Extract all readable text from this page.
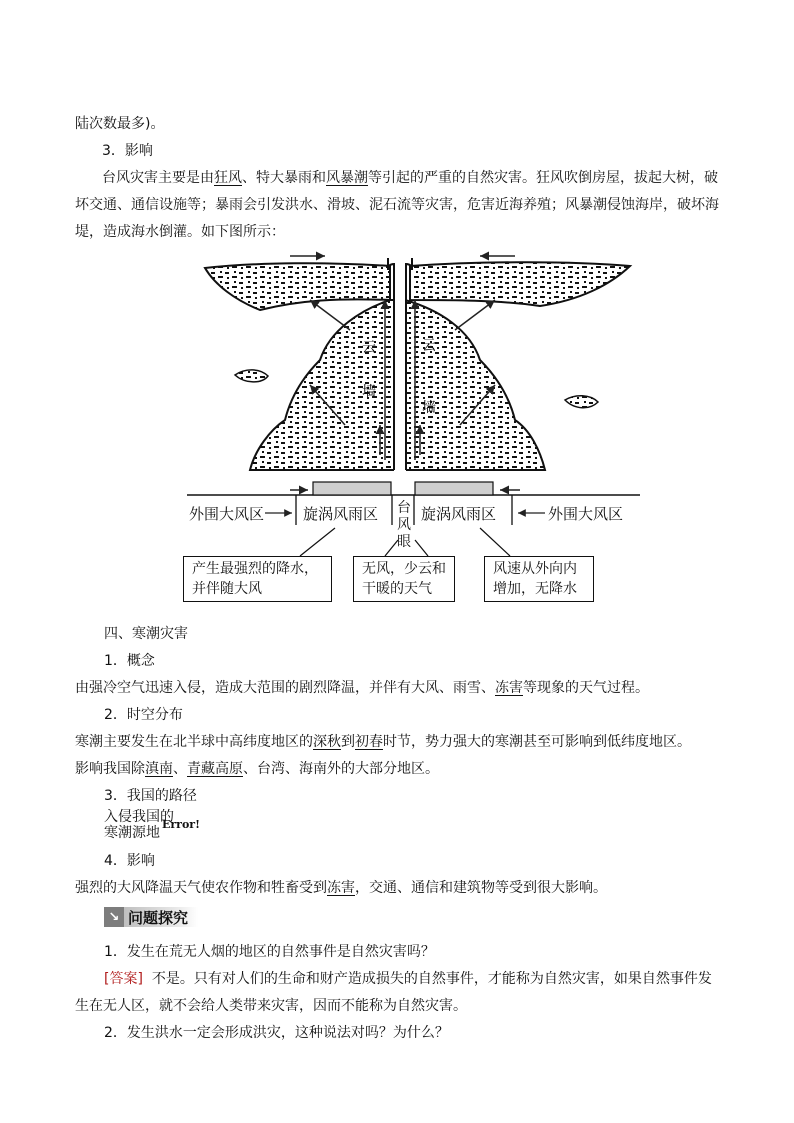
陆次数最多)。
3．影响
台风灾害主要是由狂风、特大暴雨和风暴潮等引起的严重的自然灾害。狂风吹倒房屋，拔起大树，破
坏交通、通信设施等；暴雨会引发洪水、滑坡、泥石流等灾害，危害近海养殖；风暴潮侵蚀海岸，破坏海
堤，造成海水倒灌。如下图所示：
云
墙
云
墙
外围大风区	旋涡风雨区 台
风
眼
旋涡风雨区	外围大风区
产生最强烈的降水，
并伴随大风
无风，少云和
干暖的天气
风速从外向内
增加，无降水
四、寒潮灾害
1．概念
由强冷空气迅速入侵，造成大范围的剧烈降温，并伴有大风、雨雪、冻害等现象的天气过程。
2．时空分布
寒潮主要发生在北半球中高纬度地区的深秋到初春时节，势力强大的寒潮甚至可影响到低纬度地区。
影响我国除滇南、青藏高原、台湾、海南外的大部分地区。
3．我国的路径
入侵我国的
寒潮源地
Error!
4．影响
强烈的大风降温天气使农作物和牲畜受到冻害，交通、通信和建筑物等受到很大影响。
↘ 问题探究
1．发生在荒无人烟的地区的自然事件是自然灾害吗？
[答案] 不是。只有对人们的生命和财产造成损失的自然事件，才能称为自然灾害，如果自然事件发
生在无人区，就不会给人类带来灾害，因而不能称为自然灾害。
2．发生洪水一定会形成洪灾，这种说法对吗？为什么？
